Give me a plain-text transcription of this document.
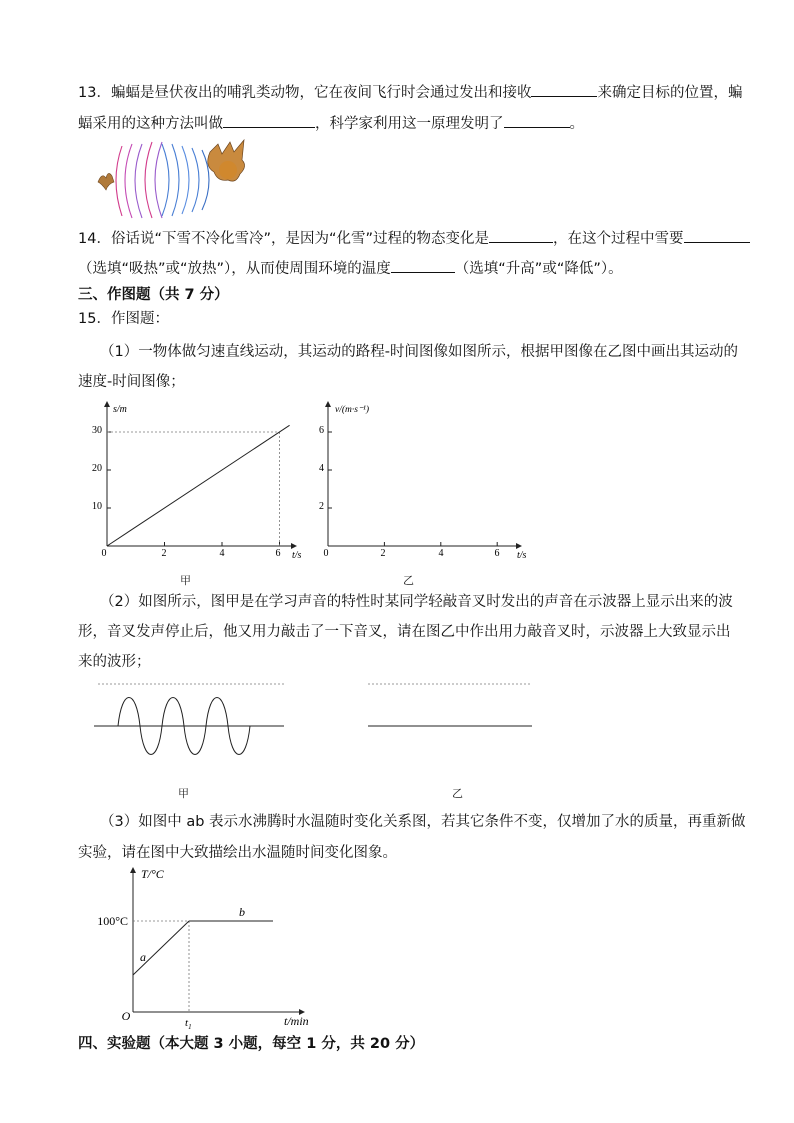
13．蝙蝠是昼伏夜出的哺乳类动物，它在夜间飞行时会通过发出和接收	来确定目标的位置，蝙
蝠采用的这种方法叫做	，科学家利用这一原理发明了	。
14．俗话说“下雪不冷化雪冷”，是因为“化雪”过程的物态变化是	，在这个过程中雪要
（选填“吸热”或“放热”），从而使周围环境的温度	（选填“升高”或“降低”）。
三、作图题（共 7 分）
15．作图题：
（1）一物体做匀速直线运动，其运动的路程-时间图像如图所示，根据甲图像在乙图中画出其运动的
速度-时间图像；
s/m
t/s
0	2	4	6
10
20
30
甲
v/(m·s⁻¹)
t/s
0	2	4	6
2
4
6
乙
（2）如图所示，图甲是在学习声音的特性时某同学轻敲音叉时发出的声音在示波器上显示出来的波
形，音叉发声停止后，他又用力敲击了一下音叉，请在图乙中作出用力敲音叉时，示波器上大致显示出
来的波形；
甲	乙
（3）如图中 ab 表示水沸腾时水温随时变化关系图，若其它条件不变，仅增加了水的质量，再重新做
实验，请在图中大致描绘出水温随时间变化图象。
T/°C
t/min
O
100°C
$t_1$
a
b
四、实验题（本大题 3 小题，每空 1 分，共 20 分）
